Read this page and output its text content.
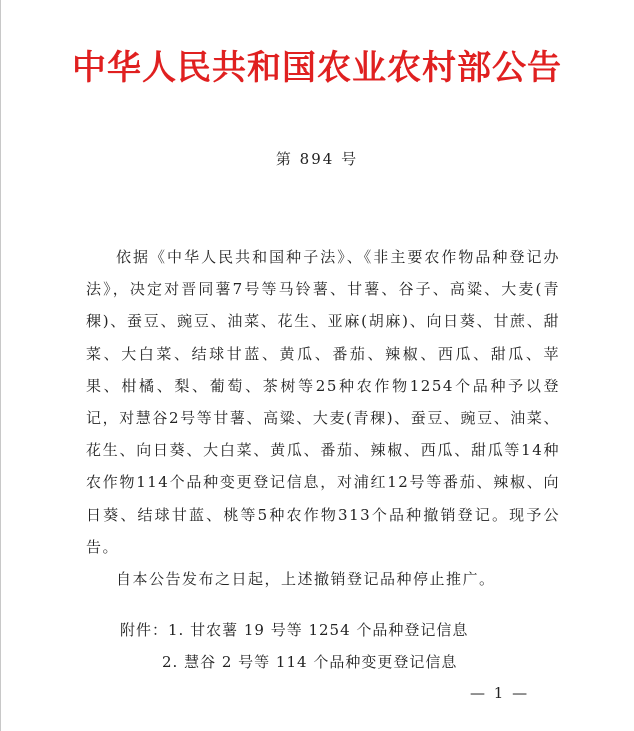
中华人民共和国农业农村部公告
第 894 号

依据《中华人民共和国种子法》、《非主要农作物品种登记办法》，决定对晋同薯7号等马铃薯、甘薯、谷子、高粱、大麦(青稞)、蚕豆、豌豆、油菜、花生、亚麻(胡麻)、向日葵、甘蔗、甜菜、大白菜、结球甘蓝、黄瓜、番茄、辣椒、西瓜、甜瓜、苹果、柑橘、梨、葡萄、茶树等25种农作物1254个品种予以登记，对慧谷2号等甘薯、高粱、大麦(青稞)、蚕豆、豌豆、油菜、花生、向日葵、大白菜、黄瓜、番茄、辣椒、西瓜、甜瓜等14种农作物114个品种变更登记信息，对浦红12号等番茄、辣椒、向日葵、结球甘蓝、桃等5种农作物313个品种撤销登记。现予公告。

自本公告发布之日起，上述撤销登记品种停止推广。

附件：1. 甘农薯 19 号等 1254 个品种登记信息
2. 慧谷 2 号等 114 个品种变更登记信息
— 1 —
